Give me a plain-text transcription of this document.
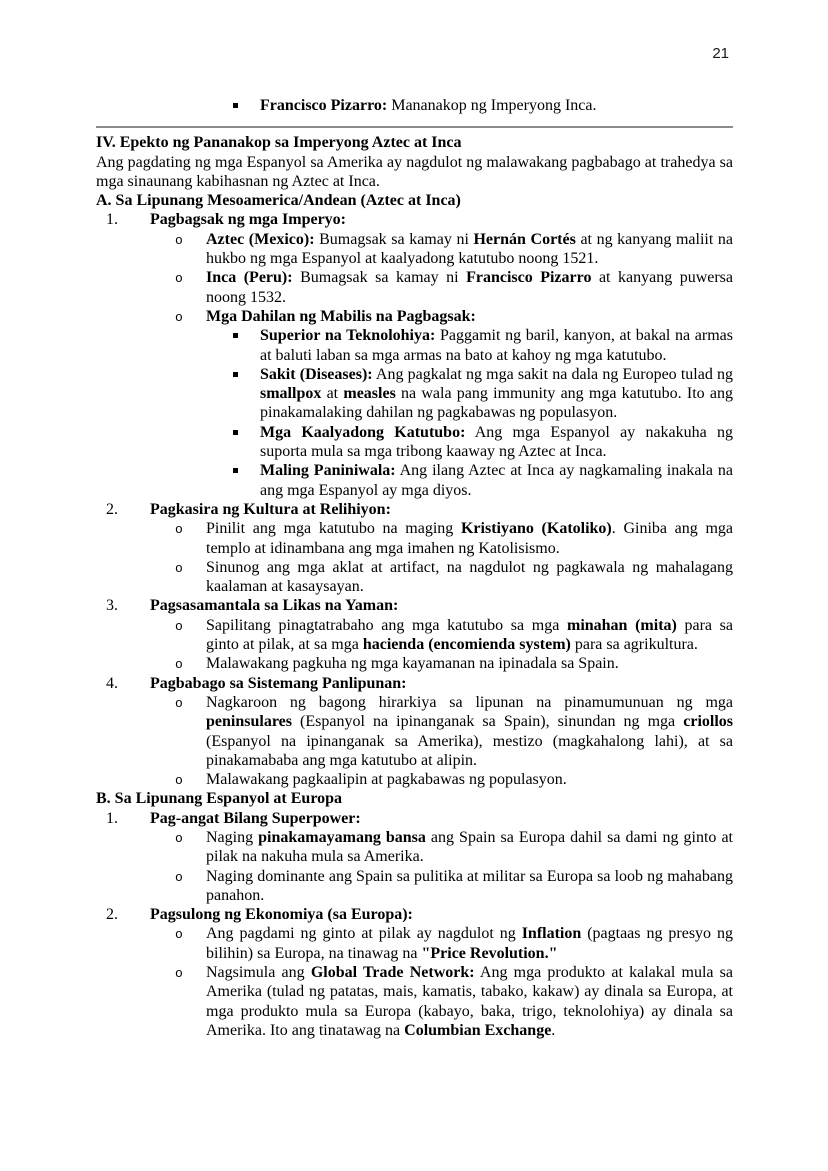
21
Francisco Pizarro: Mananakop ng Imperyong Inca.
IV. Epekto ng Pananakop sa Imperyong Aztec at Inca
Ang pagdating ng mga Espanyol sa Amerika ay nagdulot ng malawakang pagbabago at trahedya sa mga sinaunang kabihasnan ng Aztec at Inca.
A. Sa Lipunang Mesoamerica/Andean (Aztec at Inca)
1. Pagbagsak ng mga Imperyo:
o Aztec (Mexico): Bumagsak sa kamay ni Hernán Cortés at ng kanyang maliit na hukbo ng mga Espanyol at kaalyadong katutubo noong 1521.
o Inca (Peru): Bumagsak sa kamay ni Francisco Pizarro at kanyang puwersa noong 1532.
o Mga Dahilan ng Mabilis na Pagbagsak:
Superior na Teknolohiya: Paggamit ng baril, kanyon, at bakal na armas at baluti laban sa mga armas na bato at kahoy ng mga katutubo.
Sakit (Diseases): Ang pagkalat ng mga sakit na dala ng Europeo tulad ng smallpox at measles na wala pang immunity ang mga katutubo. Ito ang pinakamalaking dahilan ng pagkabawas ng populasyon.
Mga Kaalyadong Katutubo: Ang mga Espanyol ay nakakuha ng suporta mula sa mga tribong kaaway ng Aztec at Inca.
Maling Paniniwala: Ang ilang Aztec at Inca ay nagkamaling inakala na ang mga Espanyol ay mga diyos.
2. Pagkasira ng Kultura at Relihiyon:
o Pinilit ang mga katutubo na maging Kristiyano (Katoliko). Giniba ang mga templo at idinambana ang mga imahen ng Katolisismo.
o Sinunog ang mga aklat at artifact, na nagdulot ng pagkawala ng mahalagang kaalaman at kasaysayan.
3. Pagsasamantala sa Likas na Yaman:
o Sapilitang pinagtatrabaho ang mga katutubo sa mga minahan (mita) para sa ginto at pilak, at sa mga hacienda (encomienda system) para sa agrikultura.
o Malawakang pagkuha ng mga kayamanan na ipinadala sa Spain.
4. Pagbabago sa Sistemang Panlipunan:
o Nagkaroon ng bagong hirarkiya sa lipunan na pinamumunuan ng mga peninsulares (Espanyol na ipinanganak sa Spain), sinundan ng mga criollos (Espanyol na ipinanganak sa Amerika), mestizo (magkahalong lahi), at sa pinakamababa ang mga katutubo at alipin.
o Malawakang pagkaalipin at pagkabawas ng populasyon.
B. Sa Lipunang Espanyol at Europa
1. Pag-angat Bilang Superpower:
o Naging pinakamayamang bansa ang Spain sa Europa dahil sa dami ng ginto at pilak na nakuha mula sa Amerika.
o Naging dominante ang Spain sa pulitika at militar sa Europa sa loob ng mahabang panahon.
2. Pagsulong ng Ekonomiya (sa Europa):
o Ang pagdami ng ginto at pilak ay nagdulot ng Inflation (pagtaas ng presyo ng bilihin) sa Europa, na tinawag na "Price Revolution."
o Nagsimula ang Global Trade Network: Ang mga produkto at kalakal mula sa Amerika (tulad ng patatas, mais, kamatis, tabako, kakaw) ay dinala sa Europa, at mga produkto mula sa Europa (kabayo, baka, trigo, teknolohiya) ay dinala sa Amerika. Ito ang tinatawag na Columbian Exchange.
